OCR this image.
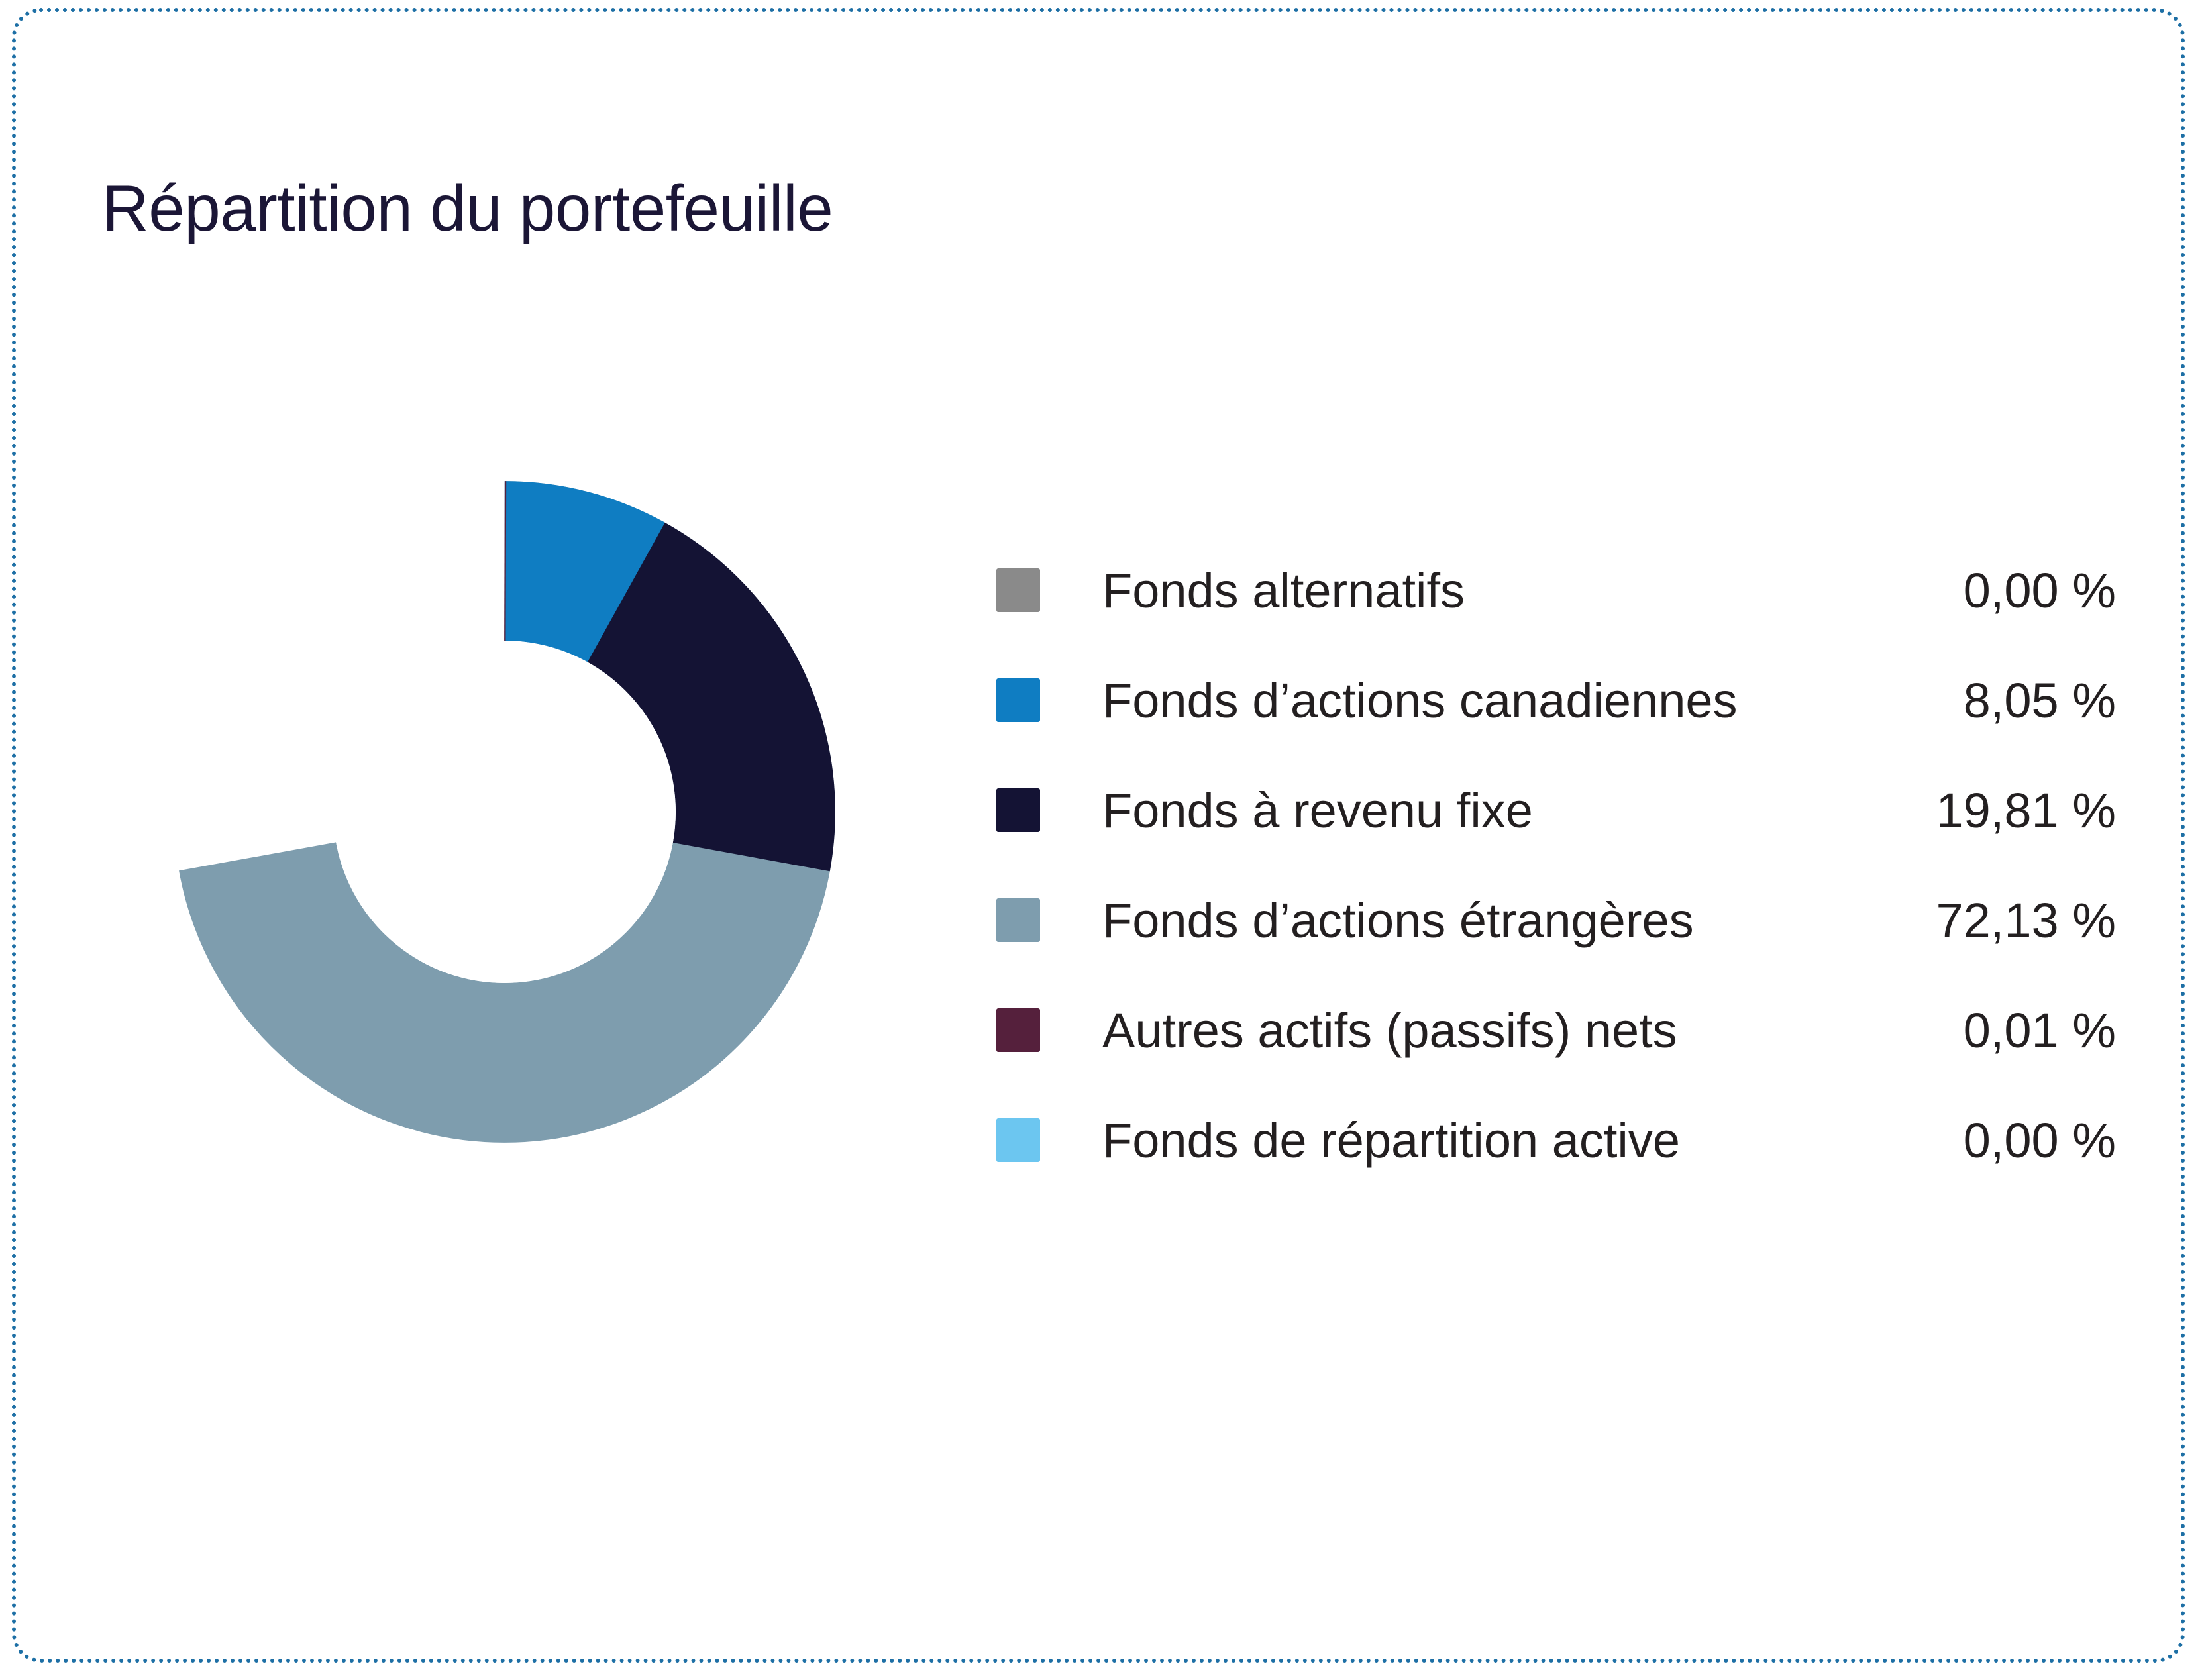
Répartition du portefeuille
Fonds alternatifs	0,00 %
Fonds d’actions canadiennes	8,05 %
Fonds à revenu fixe	19,81 %
Fonds d’actions étrangères	72,13 %
Autres actifs (passifs) nets	0,01 %
Fonds de répartition active	0,00 %
